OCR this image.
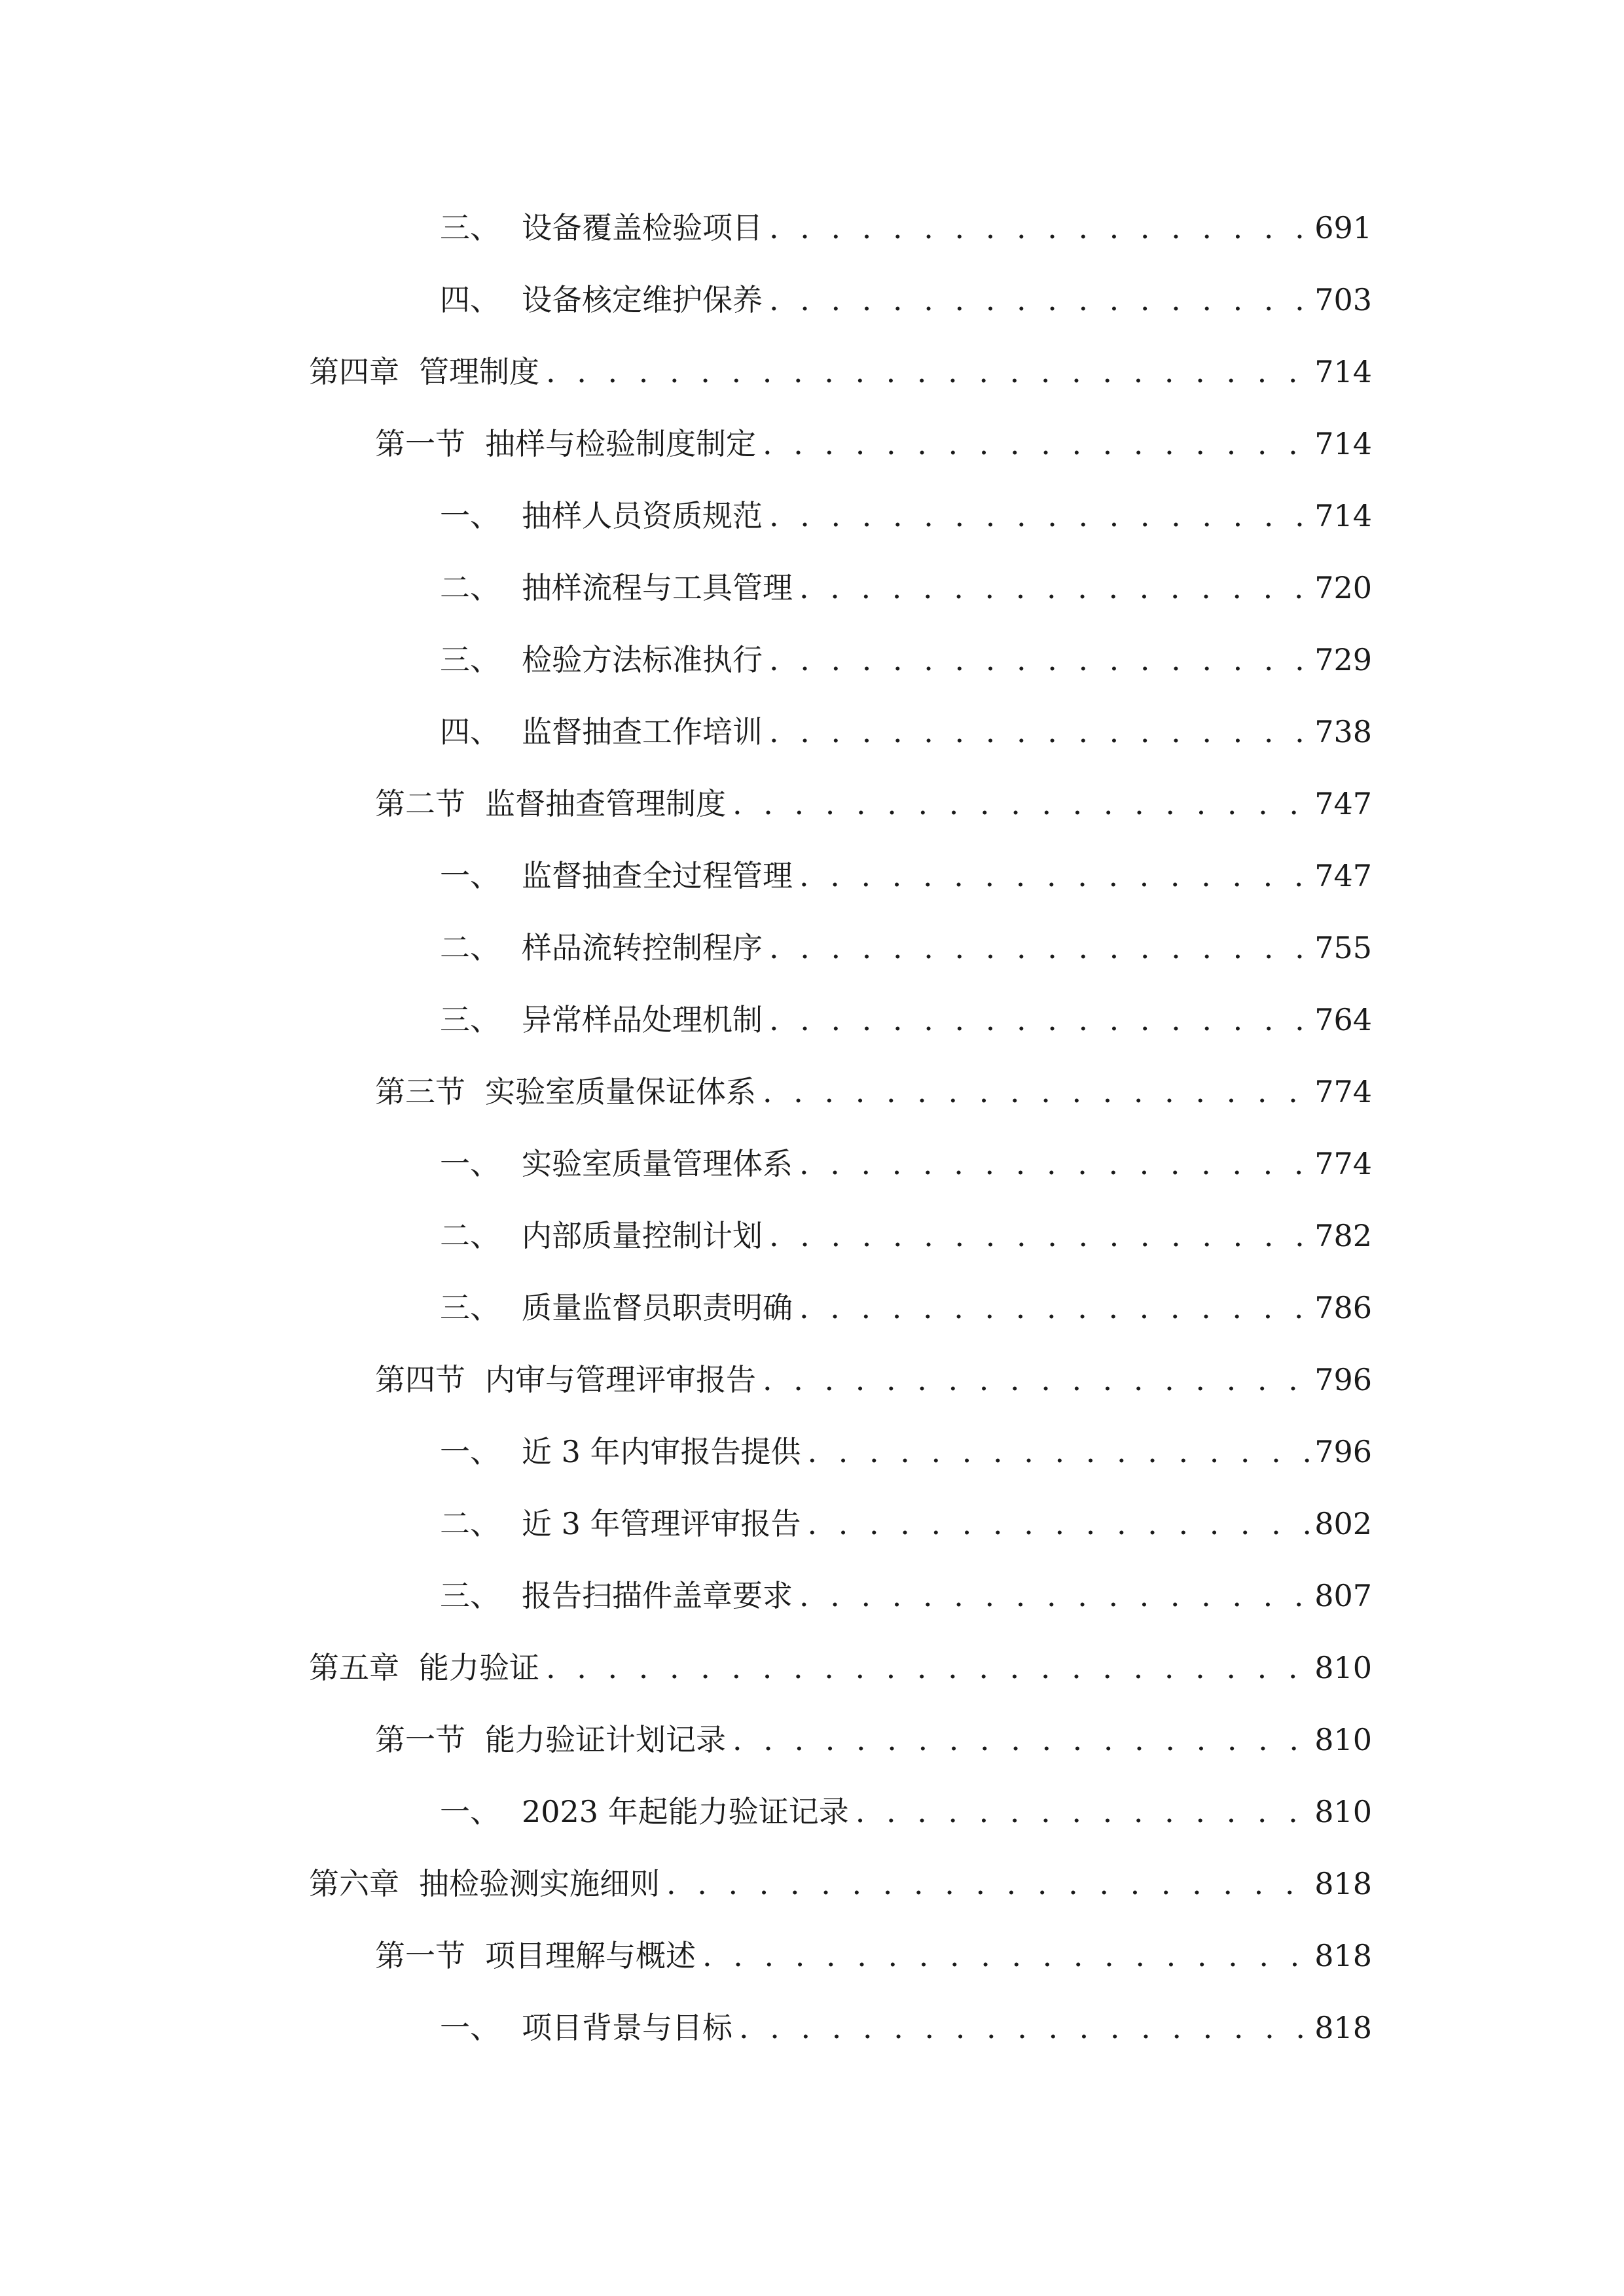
三、 设备覆盖检验项目 . . .	691
四、 设备核定维护保养 . . .	703
第四章 管理制度 . . .	714
第一节 抽样与检验制度制定 . . .	714
一、 抽样人员资质规范 . . .	714
二、 抽样流程与工具管理 . . .	720
三、 检验方法标准执行 . . .	729
四、 监督抽查工作培训 . . .	738
第二节 监督抽查管理制度 . . .	747
一、 监督抽查全过程管理 . . .	747
二、 样品流转控制程序 . . .	755
三、 异常样品处理机制 . . .	764
第三节 实验室质量保证体系 . . .	774
一、 实验室质量管理体系 . . .	774
二、 内部质量控制计划 . . .	782
三、 质量监督员职责明确 . . .	786
第四节 内审与管理评审报告 . . .	796
一、 近 3 年内审报告提供 . . .	796
二、 近 3 年管理评审报告 . . .	802
三、 报告扫描件盖章要求 . . .	807
第五章 能力验证 . . .	810
第一节 能力验证计划记录 . . .	810
一、 2023 年起能力验证记录 . . .	810
第六章 抽检验测实施细则 . . .	818
第一节 项目理解与概述 . . .	818
一、 项目背景与目标 . . .	818
